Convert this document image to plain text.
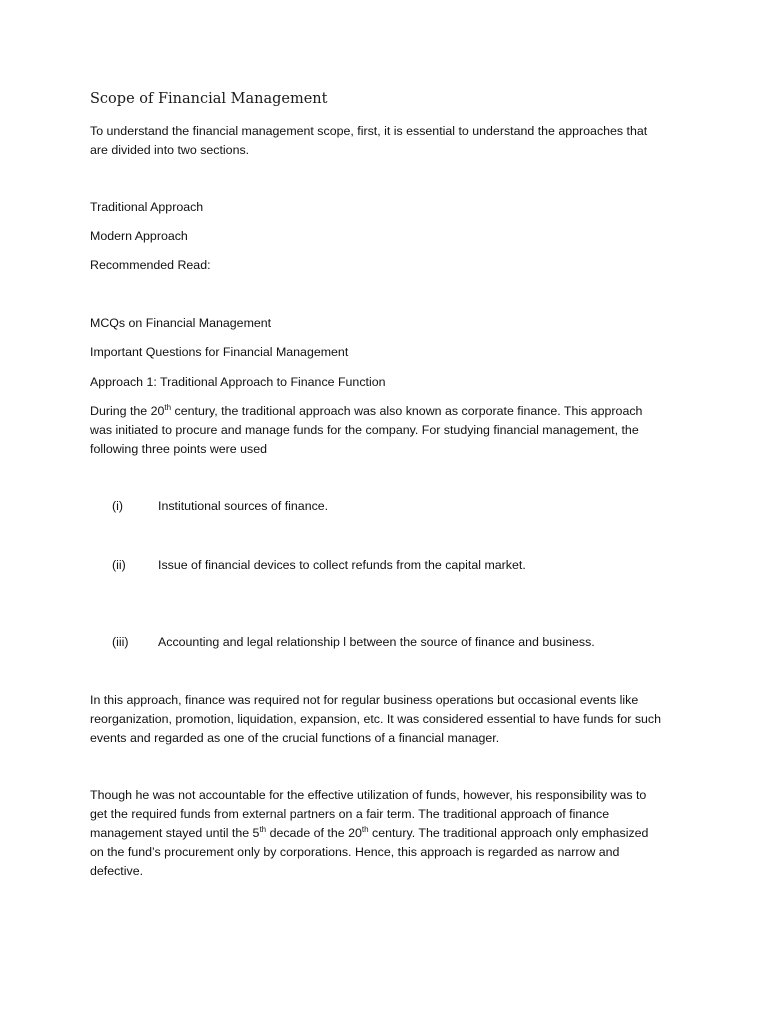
Scope of Financial Management
To understand the financial management scope, first, it is essential to understand the approaches that
are divided into two sections.
Traditional Approach
Modern Approach
Recommended Read:
MCQs on Financial Management
Important Questions for Financial Management
Approach 1: Traditional Approach to Finance Function
During the 20th century, the traditional approach was also known as corporate finance. This approach
was initiated to procure and manage funds for the company. For studying financial management, the
following three points were used
(i)	Institutional sources of finance.
(ii)	Issue of financial devices to collect refunds from the capital market.
(iii) Accounting and legal relationship l between the source of finance and business.
In this approach, finance was required not for regular business operations but occasional events like
reorganization, promotion, liquidation, expansion, etc. It was considered essential to have funds for such
events and regarded as one of the crucial functions of a financial manager.
Though he was not accountable for the effective utilization of funds, however, his responsibility was to
get the required funds from external partners on a fair term. The traditional approach of finance
management stayed until the 5th decade of the 20th century. The traditional approach only emphasized
on the fund’s procurement only by corporations. Hence, this approach is regarded as narrow and
defective.
